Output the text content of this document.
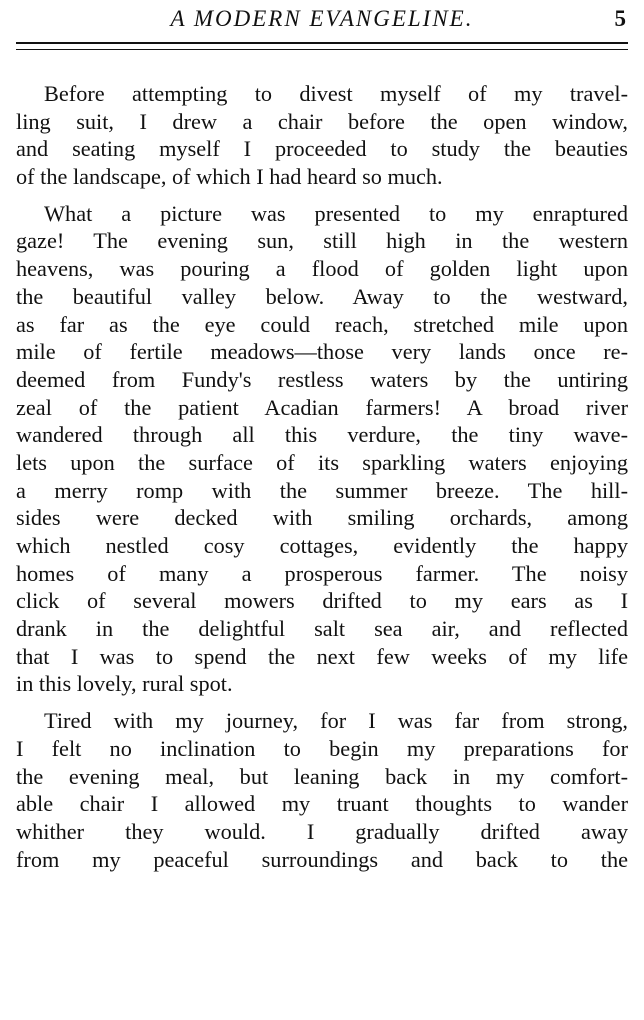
A MODERN EVANGELINE.	5
Before attempting to divest myself of my travel-
ling suit, I drew a chair before the open window,
and seating myself I proceeded to study the beauties
of the landscape, of which I had heard so much.
What a picture was presented to my enraptured
gaze! The evening sun, still high in the western
heavens, was pouring a flood of golden light upon
the beautiful valley below. Away to the westward,
as far as the eye could reach, stretched mile upon
mile of fertile meadows—those very lands once re-
deemed from Fundy's restless waters by the untiring
zeal of the patient Acadian farmers! A broad river
wandered through all this verdure, the tiny wave-
lets upon the surface of its sparkling waters enjoying
a merry romp with the summer breeze. The hill-
sides were decked with smiling orchards, among
which nestled cosy cottages, evidently the happy
homes of many a prosperous farmer. The noisy
click of several mowers drifted to my ears as I
drank in the delightful salt sea air, and reflected
that I was to spend the next few weeks of my life
in this lovely, rural spot.
Tired with my journey, for I was far from strong,
I felt no inclination to begin my preparations for
the evening meal, but leaning back in my comfort-
able chair I allowed my truant thoughts to wander
whither they would. I gradually drifted away
from my peaceful surroundings and back to the
